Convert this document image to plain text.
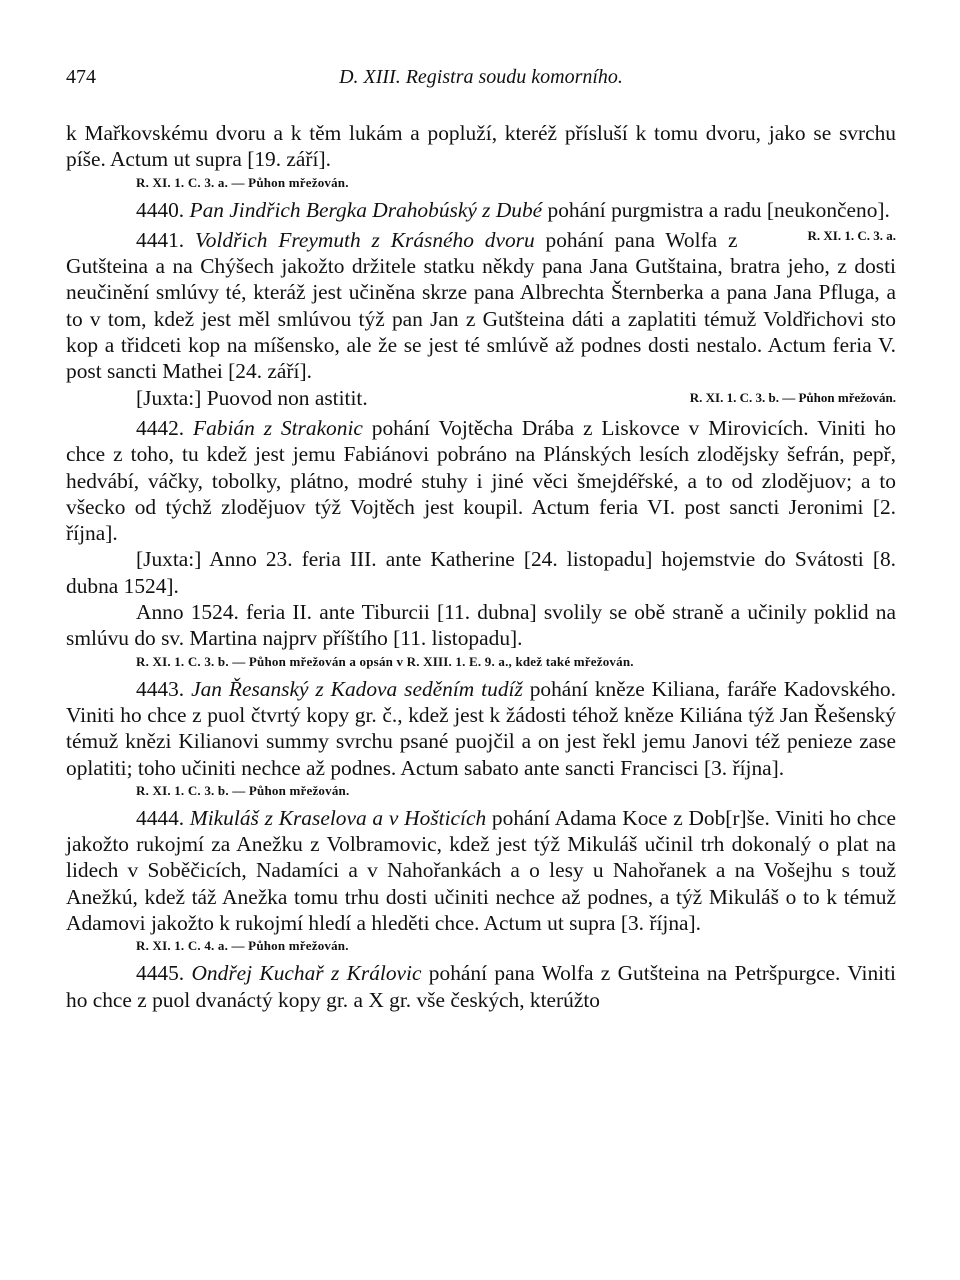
474	D. XIII. Registra soudu komorního.

k Mařkovskému dvoru a k těm lukám a popluží, kteréž přísluší k tomu dvoru, jako se svrchu píše. Actum ut supra [19. září].

R. XI. 1. C. 3. a. — Půhon mřežován.

4440. Pan Jindřich Bergka Drahobúský z Dubé pohání purgmistra a radu [neukončeno].
R. XI. 1. C. 3. a.

4441. Voldřich Freymuth z Krásného dvoru pohání pana Wolfa z Gutšteina a na Chýšech jakožto držitele statku někdy pana Jana Gutštaina, bratra jeho, z dosti neučinění smlúvy té, kteráž jest učiněna skrze pana Albrechta Šternberka a pana Jana Pfluga, a to v tom, kdež jest měl smlúvou týž pan Jan z Gutšteina dáti a zaplatiti témuž Voldřichovi sto kop a třidceti kop na míšensko, ale že se jest té smlúvě až podnes dosti nestalo. Actum feria V. post sancti Mathei [24. září].

[Juxta:] Puovod non astitit.	R. XI. 1. C. 3. b. — Půhon mřežován.

4442. Fabián z Strakonic pohání Vojtěcha Drába z Liskovce v Mirovicích. Viniti ho chce z toho, tu kdež jest jemu Fabiánovi pobráno na Plánských lesích zlodějsky šefrán, pepř, hedvábí, váčky, tobolky, plátno, modré stuhy i jiné věci šmejdéřské, a to od zlodějuov; a to všecko od týchž zlodějuov týž Vojtěch jest koupil. Actum feria VI. post sancti Jeronimi [2. října].

[Juxta:] Anno 23. feria III. ante Katherine [24. listopadu] hojemstvie do Svátosti [8. dubna 1524].

Anno 1524. feria II. ante Tiburcii [11. dubna] svolily se obě straně a učinily poklid na smlúvu do sv. Martina najprv příštího [11. listopadu].

R. XI. 1. C. 3. b. — Půhon mřežován a opsán v R. XIII. 1. E. 9. a., kdež také mřežován.

4443. Jan Řesanský z Kadova seděním tudíž pohání kněze Kiliana, faráře Kadovského. Viniti ho chce z puol čtvrtý kopy gr. č., kdež jest k žádosti téhož kněze Kiliána týž Jan Řešenský témuž knězi Kilianovi summy svrchu psané puojčil a on jest řekl jemu Janovi též penieze zase oplatiti; toho učiniti nechce až podnes. Actum sabato ante sancti Francisci [3. října].

R. XI. 1. C. 3. b. — Půhon mřežován.

4444. Mikuláš z Kraselova a v Hošticích pohání Adama Koce z Dob[r]še. Viniti ho chce jakožto rukojmí za Anežku z Volbramovic, kdež jest týž Mikuláš učinil trh dokonalý o plat na lidech v Soběčicích, Nadamíci a v Nahořankách a o lesy u Nahořanek a na Vošejhu s touž Anežkú, kdež táž Anežka tomu trhu dosti učiniti nechce až podnes, a týž Mikuláš o to k témuž Adamovi jakožto k rukojmí hledí a hleděti chce. Actum ut supra [3. října].

R. XI. 1. C. 4. a. — Půhon mřežován.

4445. Ondřej Kuchař z Královic pohání pana Wolfa z Gutšteina na Petršpurgce. Viniti ho chce z puol dvanáctý kopy gr. a X gr. vše českých, kterúžto
